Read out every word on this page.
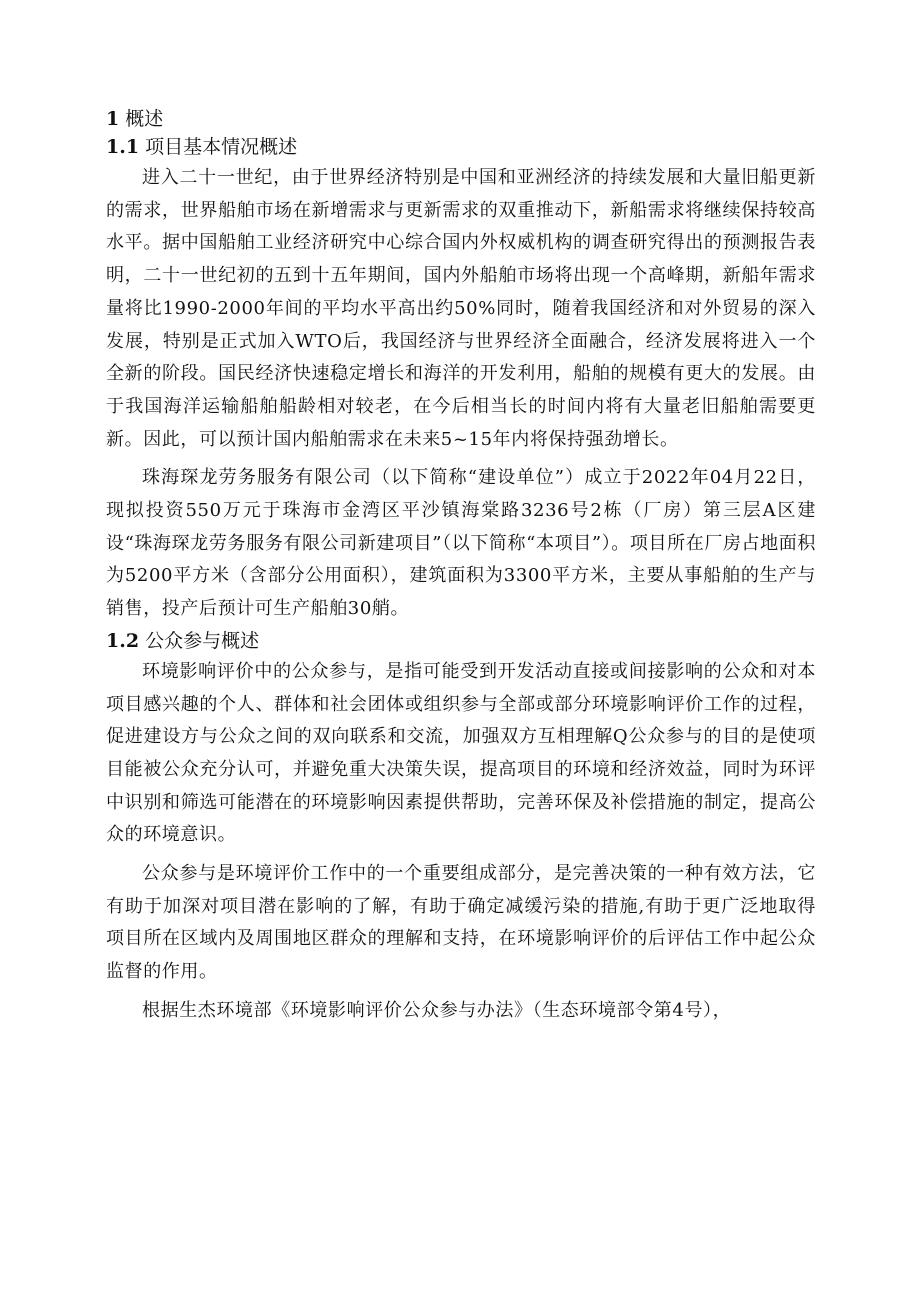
1 概述
1.1 项目基本情况概述

进入二十一世纪，由于世界经济特别是中国和亚洲经济的持续发展和大量旧船更新的需求，世界船舶市场在新增需求与更新需求的双重推动下，新船需求将继续保持较高水平。据中国船舶工业经济研究中心综合国内外权威机构的调查研究得出的预测报告表明，二十一世纪初的五到十五年期间，国内外船舶市场将出现一个高峰期，新船年需求量将比1990-2000年间的平均水平高出约50%同时，随着我国经济和对外贸易的深入发展，特别是正式加入WTO后，我国经济与世界经济全面融合，经济发展将进入一个全新的阶段。国民经济快速稳定增长和海洋的开发利用，船舶的规模有更大的发展。由于我国海洋运输船舶船龄相对较老，在今后相当长的时间内将有大量老旧船舶需要更新。因此，可以预计国内船舶需求在未来5~15年内将保持强劲增长。

珠海琛龙劳务服务有限公司（以下简称“建设单位”）成立于2022年04月22日，现拟投资550万元于珠海市金湾区平沙镇海棠路3236号2栋（厂房）第三层A区建设“珠海琛龙劳务服务有限公司新建项目”（以下简称“本项目”）。项目所在厂房占地面积为5200平方米（含部分公用面积），建筑面积为3300平方米，主要从事船舶的生产与销售，投产后预计可生产船舶30艄。

1.2 公众参与概述

环境影响评价中的公众参与，是指可能受到开发活动直接或间接影响的公众和对本项目感兴趣的个人、群体和社会团体或组织参与全部或部分环境影响评价工作的过程，促进建设方与公众之间的双向联系和交流，加强双方互相理解Q公众参与的目的是使项目能被公众充分认可，并避免重大决策失误，提高项目的环境和经济效益，同时为环评中识别和筛选可能潜在的环境影响因素提供帮助，完善环保及补偿措施的制定，提高公众的环境意识。

公众参与是环境评价工作中的一个重要组成部分，是完善决策的一种有效方法，它有助于加深对项目潜在影响的了解，有助于确定减缓污染的措施,有助于更广泛地取得项目所在区域内及周围地区群众的理解和支持，在环境影响评价的后评估工作中起公众监督的作用。

根据生杰环境部《环境影响评价公众参与办法》（生态环境部令第4号），
